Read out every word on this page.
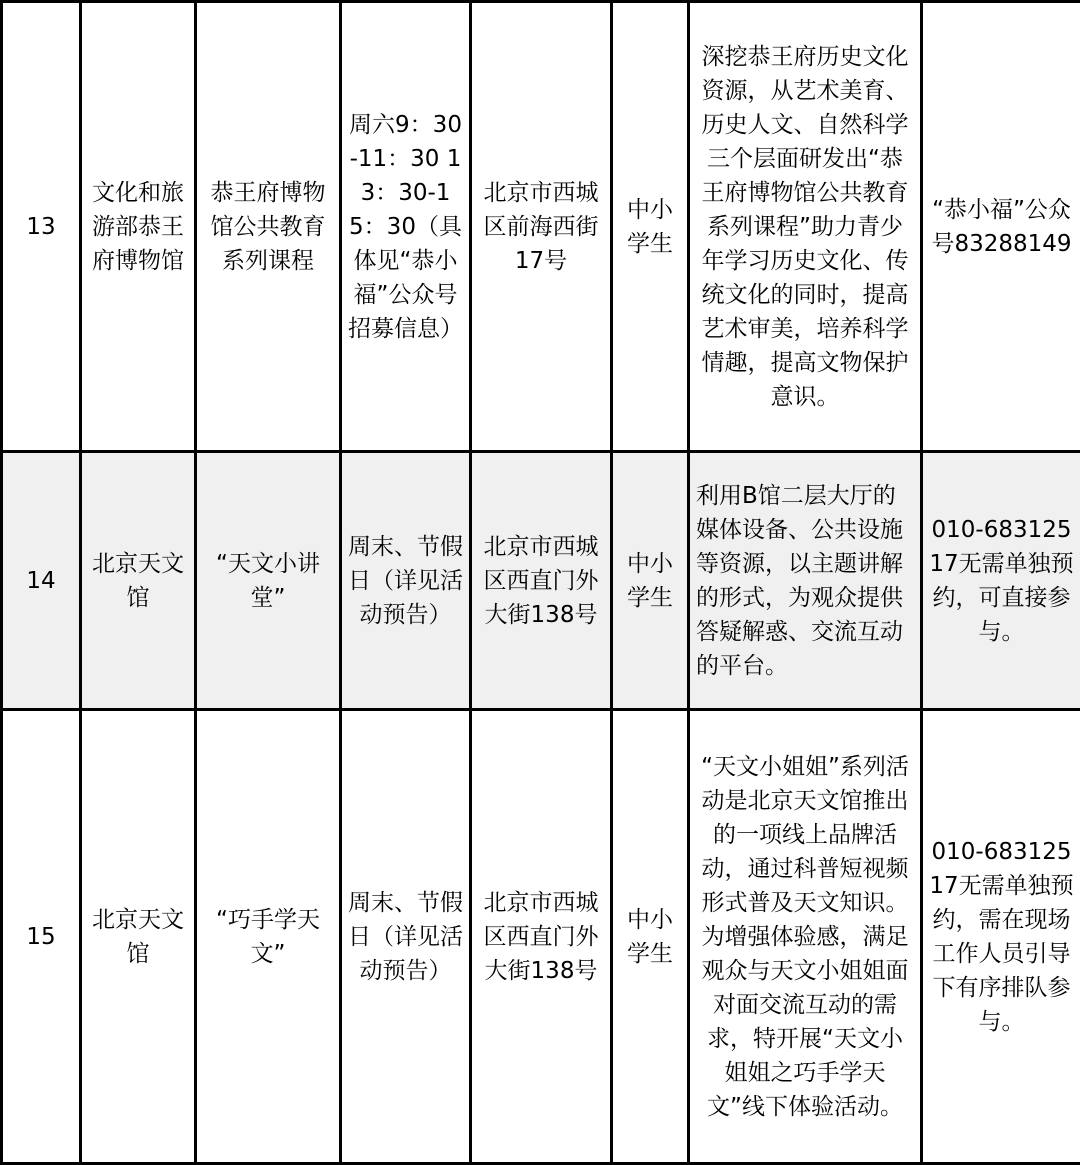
13	文化和旅游部恭王府博物馆	恭王府博物馆公共教育系列课程	周六9：30-11：30 13：30-15：30（具体见“恭小福”公众号招募信息）	北京市西城区前海西街17号	中小学生	深挖恭王府历史文化资源，从艺术美育、历史人文、自然科学三个层面研发出“恭王府博物馆公共教育系列课程”助力青少年学习历史文化、传统文化的同时，提高艺术审美，培养科学情趣，提高文物保护意识。	“恭小福”公众号83288149
14	北京天文馆	“天文小讲堂”	周末、节假日（详见活动预告）	北京市西城区西直门外大街138号	中小学生	利用B馆二层大厅的媒体设备、公共设施等资源，以主题讲解的形式，为观众提供答疑解惑、交流互动的平台。	010-68312517无需单独预约，可直接参与。
15	北京天文馆	“巧手学天文”	周末、节假日（详见活动预告）	北京市西城区西直门外大街138号	中小学生	“天文小姐姐”系列活动是北京天文馆推出的一项线上品牌活动，通过科普短视频形式普及天文知识。为增强体验感，满足观众与天文小姐姐面对面交流互动的需求，特开展“天文小姐姐之巧手学天文”线下体验活动。	010-68312517无需单独预约，需在现场工作人员引导下有序排队参与。
